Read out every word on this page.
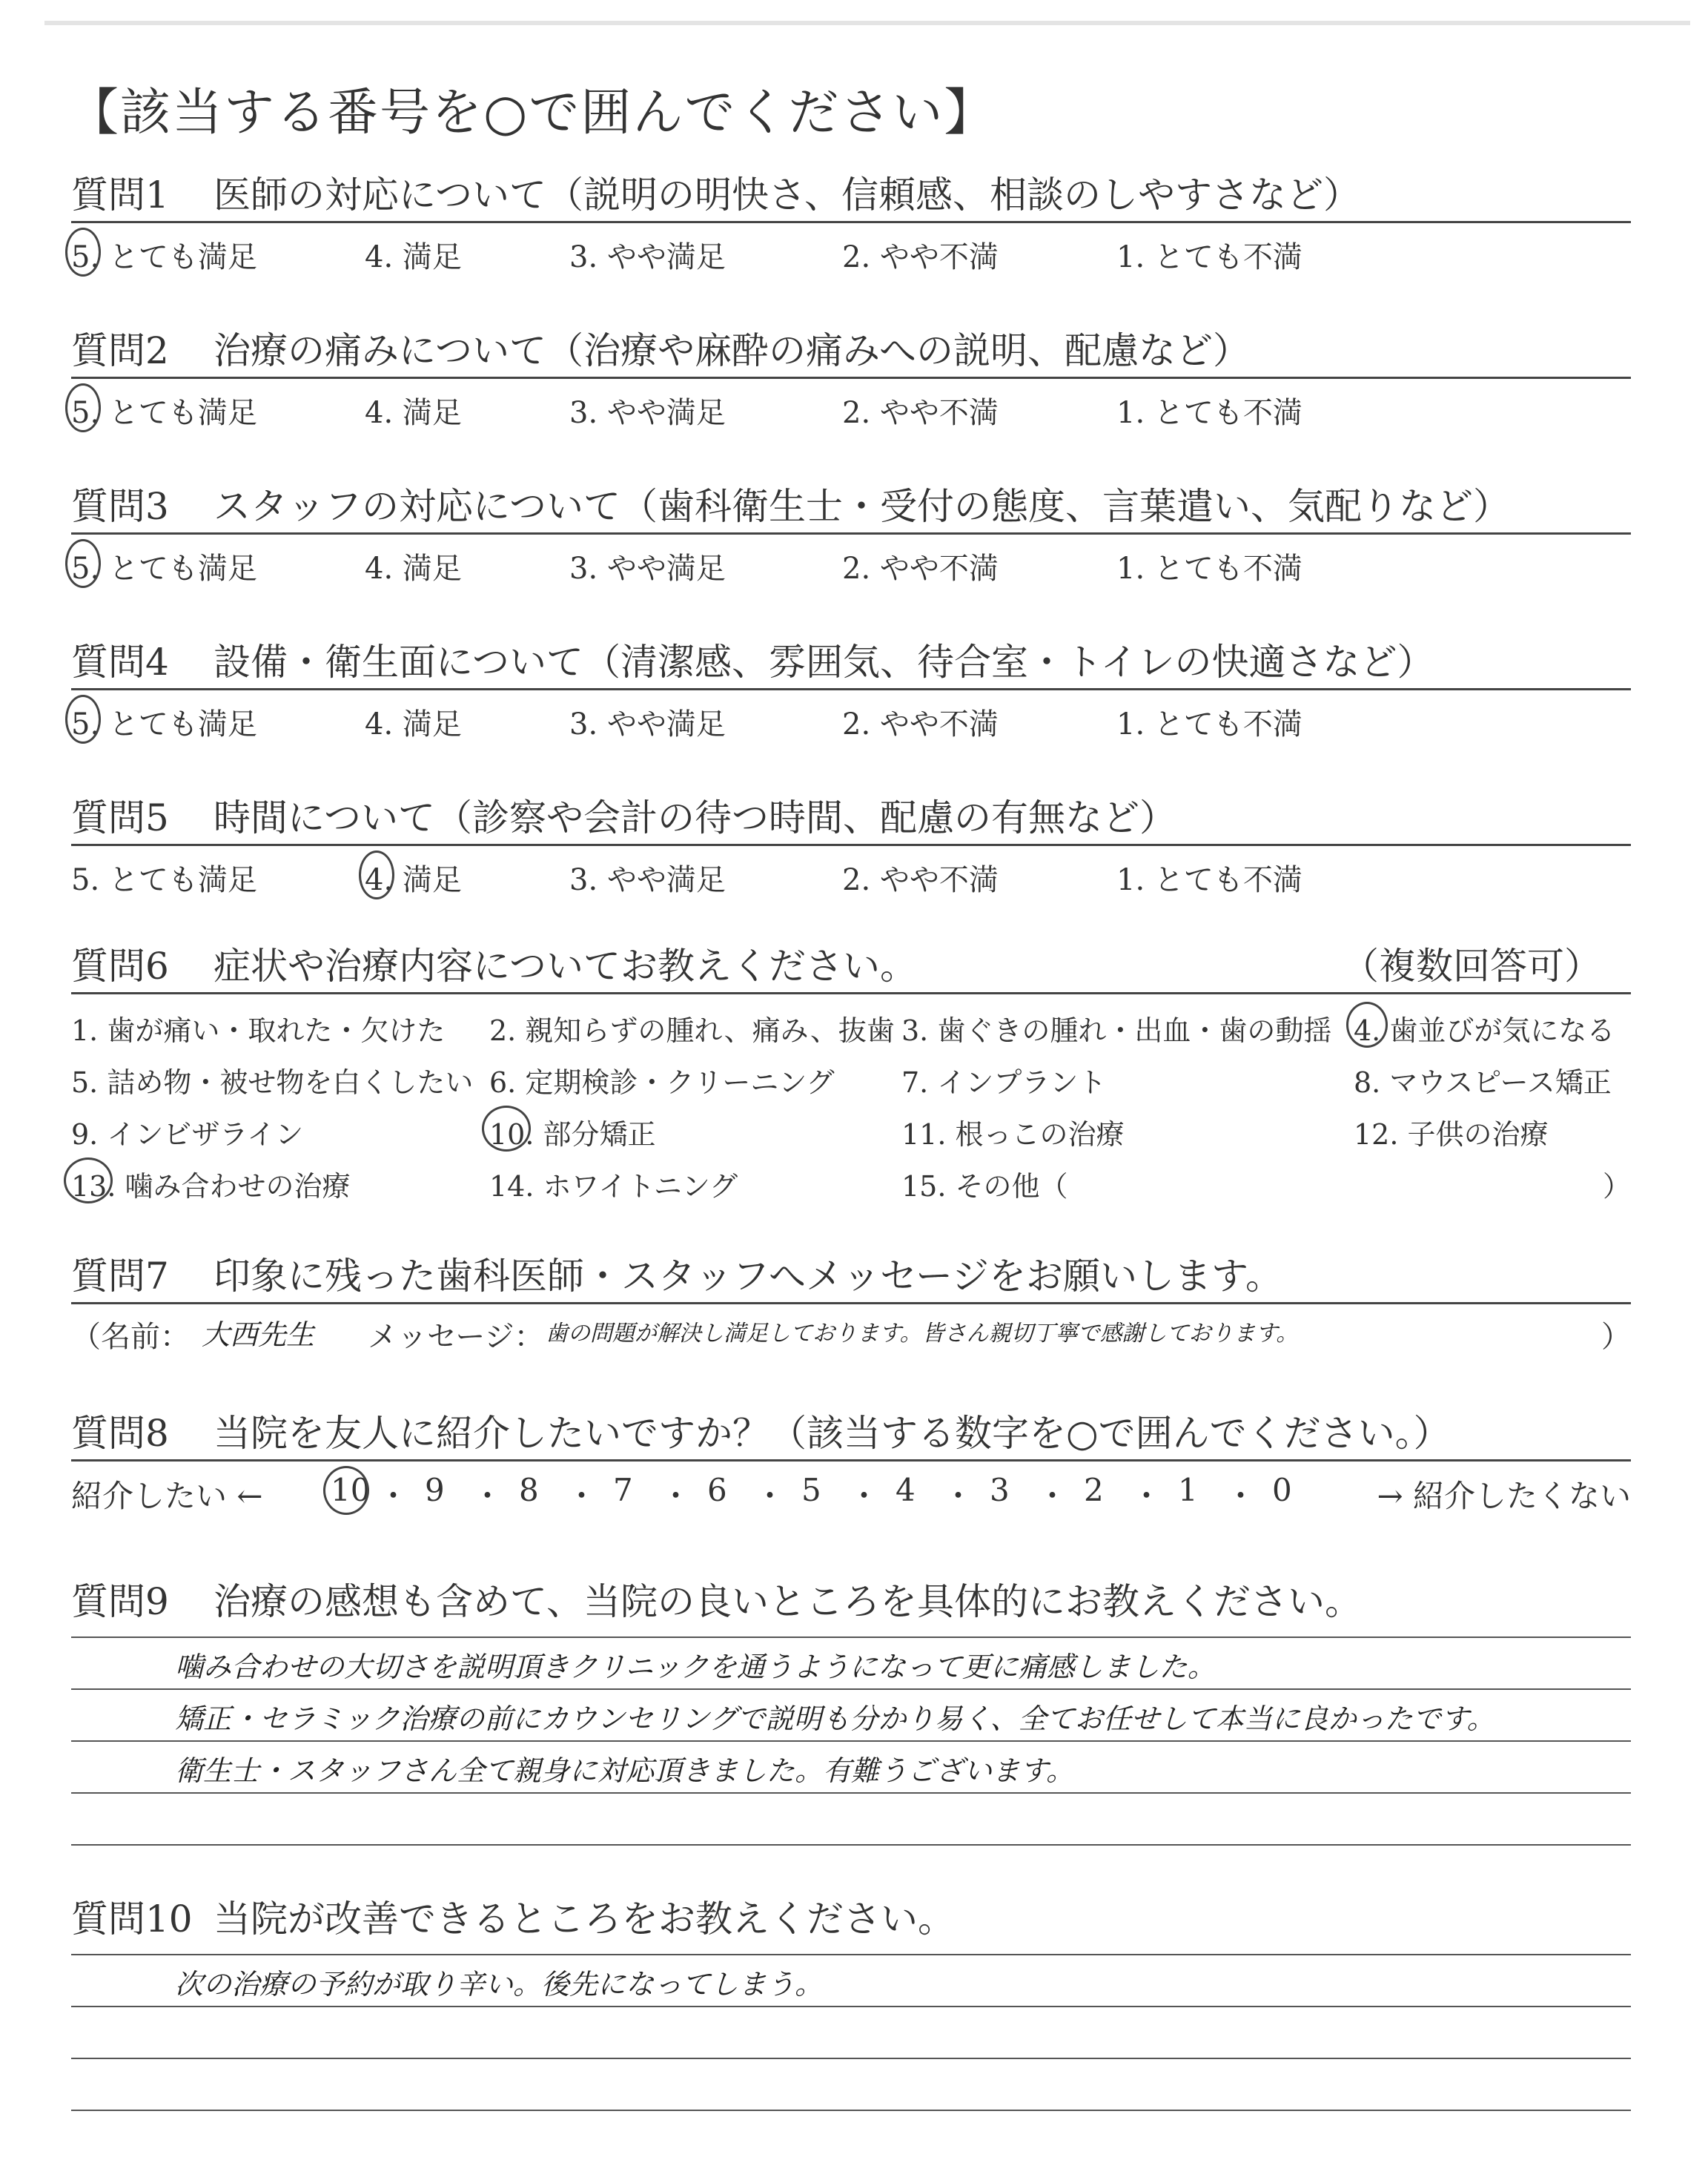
【該当する番号を○で囲んでください】
質問1 医師の対応について（説明の明快さ、信頼感、相談のしやすさなど）
5. とても満足	4. 満足	3. やや満足	2. やや不満	1. とても不満
質問2 治療の痛みについて（治療や麻酔の痛みへの説明、配慮など）
5. とても満足	4. 満足	3. やや満足	2. やや不満	1. とても不満
質問3 スタッフの対応について（歯科衛生士・受付の態度、言葉遣い、気配りなど）
5. とても満足	4. 満足	3. やや満足	2. やや不満	1. とても不満
質問4 設備・衛生面について（清潔感、雰囲気、待合室・トイレの快適さなど）
5. とても満足	4. 満足	3. やや満足	2. やや不満	1. とても不満
質問5 時間について（診察や会計の待つ時間、配慮の有無など）
5. とても満足	4. 満足	3. やや満足	2. やや不満	1. とても不満
質問6 症状や治療内容についてお教えください。	（複数回答可）
1. 歯が痛い・取れた・欠けた 2. 親知らずの腫れ、痛み、抜歯 3. 歯ぐきの腫れ・出血・歯の動揺 4. 歯並びが気になる
5. 詰め物・被せ物を白くしたい 6. 定期検診・クリーニング 7. インプラント	8. マウスピース矯正
9. インビザライン	10. 部分矯正	11. 根っこの治療	12. 子供の治療
13. 噛み合わせの治療	14. ホワイトニング	15. その他（	）
質問7 印象に残った歯科医師・スタッフへメッセージをお願いします。
（名前： 大西先生 メッセージ： 歯の問題が解決し満足しております。皆さん親切丁寧で感謝しております。	）
質問8 当院を友人に紹介したいですか？（該当する数字を○で囲んでください。）
紹介したい ←	→ 紹介したくない
10 ・ 9 ・ 8 ・ 7 ・ 6 ・ 5 ・ 4 ・ 3 ・ 2 ・ 1 ・ 0
質問9 治療の感想も含めて、当院の良いところを具体的にお教えください。
噛み合わせの大切さを説明頂きクリニックを通うようになって更に痛感しました。
矯正・セラミック治療の前にカウンセリングで説明も分かり易く、全てお任せして本当に良かったです。
衛生士・スタッフさん全て親身に対応頂きました。有難うございます。
質問10 当院が改善できるところをお教えください。
次の治療の予約が取り辛い。後先になってしまう。
